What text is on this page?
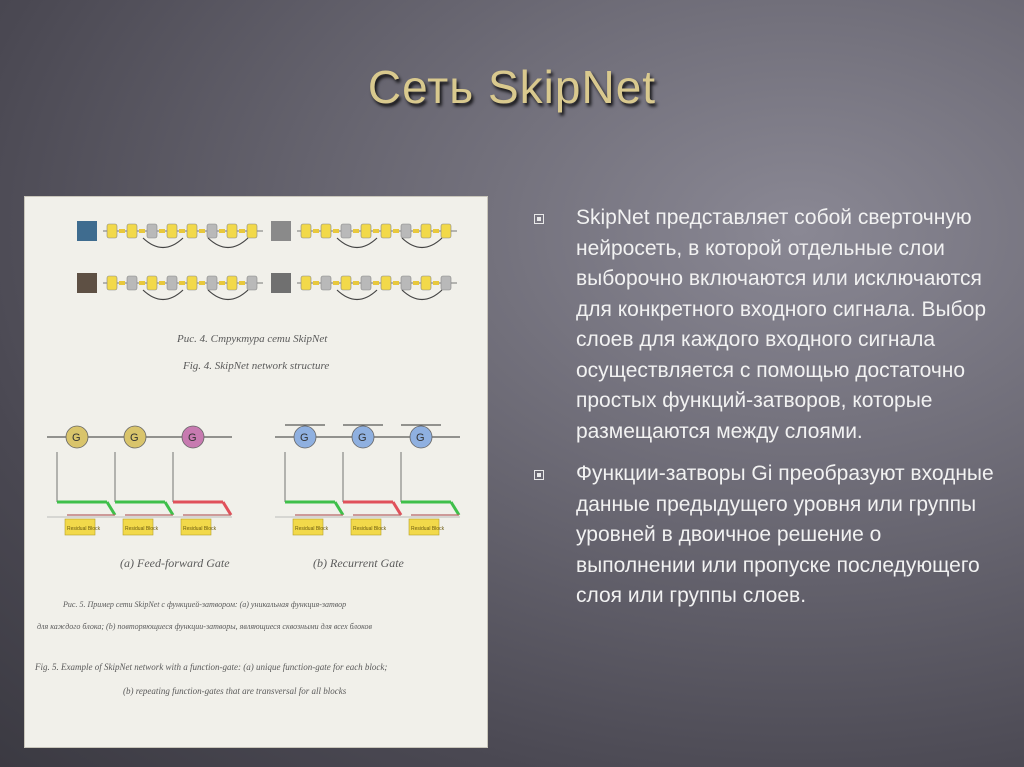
Сеть SkipNet
Рис. 4. Структура сети SkipNet
Fig. 4. SkipNet network structure
G
Residual Block
G
Residual Block
G
Residual Block
G
Residual Block
G
Residual Block
G
Residual Block
(a) Feed-forward Gate	(b) Recurrent Gate
Рис. 5. Пример сети SkipNet с функцией-затвором: (а) уникальная функция-затвор
для каждого блока; (b) повторяющиеся функции-затворы, являющиеся сквозными для всех блоков
Fig. 5. Example of SkipNet network with a function-gate: (a) unique function-gate for each block;
(b) repeating function-gates that are transversal for all blocks
SkipNet представляет собой сверточную нейросеть, в которой отдельные слои выборочно включаются или исключаются для конкретного входного сигнала. Выбор слоев для каждого входного сигнала осуществляется с помощью достаточно простых функций-затворов, которые размещаются между слоями.
Функции-затворы Gi преобразуют входные данные предыдущего уровня или группы уровней в двоичное решение о выполнении или пропуске последующего слоя или группы слоев.
